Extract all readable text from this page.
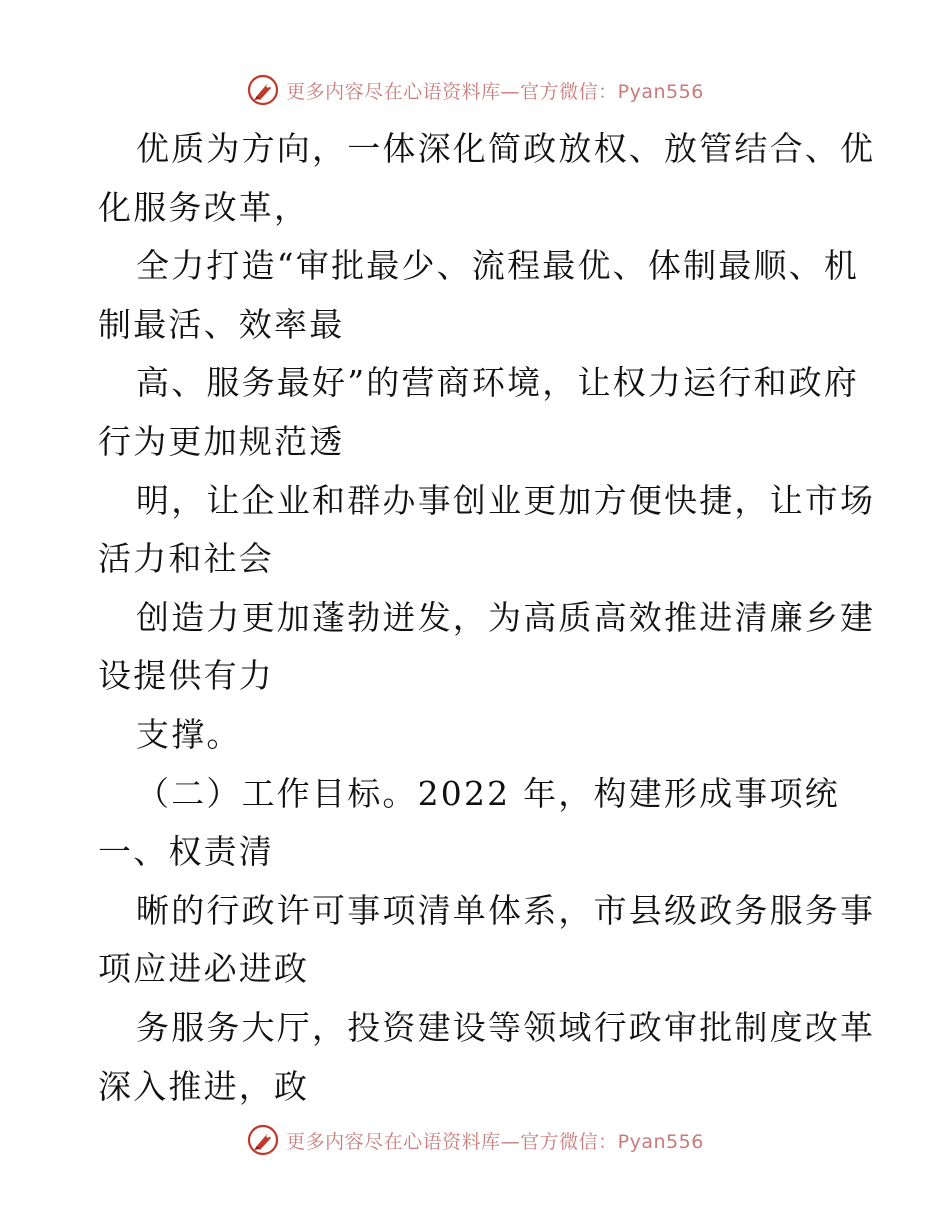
更多内容尽在心语资料库—官方微信：Pyan556
优质为方向，一体深化简政放权、放管结合、优
化服务改革，
全力打造“审批最少、流程最优、体制最顺、机
制最活、效率最
高、服务最好”的营商环境，让权力运行和政府
行为更加规范透
明，让企业和群办事创业更加方便快捷，让市场
活力和社会
创造力更加蓬勃迸发，为高质高效推进清廉乡建
设提供有力
支撑。
（二）工作目标。2022 年，构建形成事项统
一、权责清
晰的行政许可事项清单体系，市县级政务服务事
项应进必进政
务服务大厅，投资建设等领域行政审批制度改革
深入推进，政
更多内容尽在心语资料库—官方微信：Pyan556
